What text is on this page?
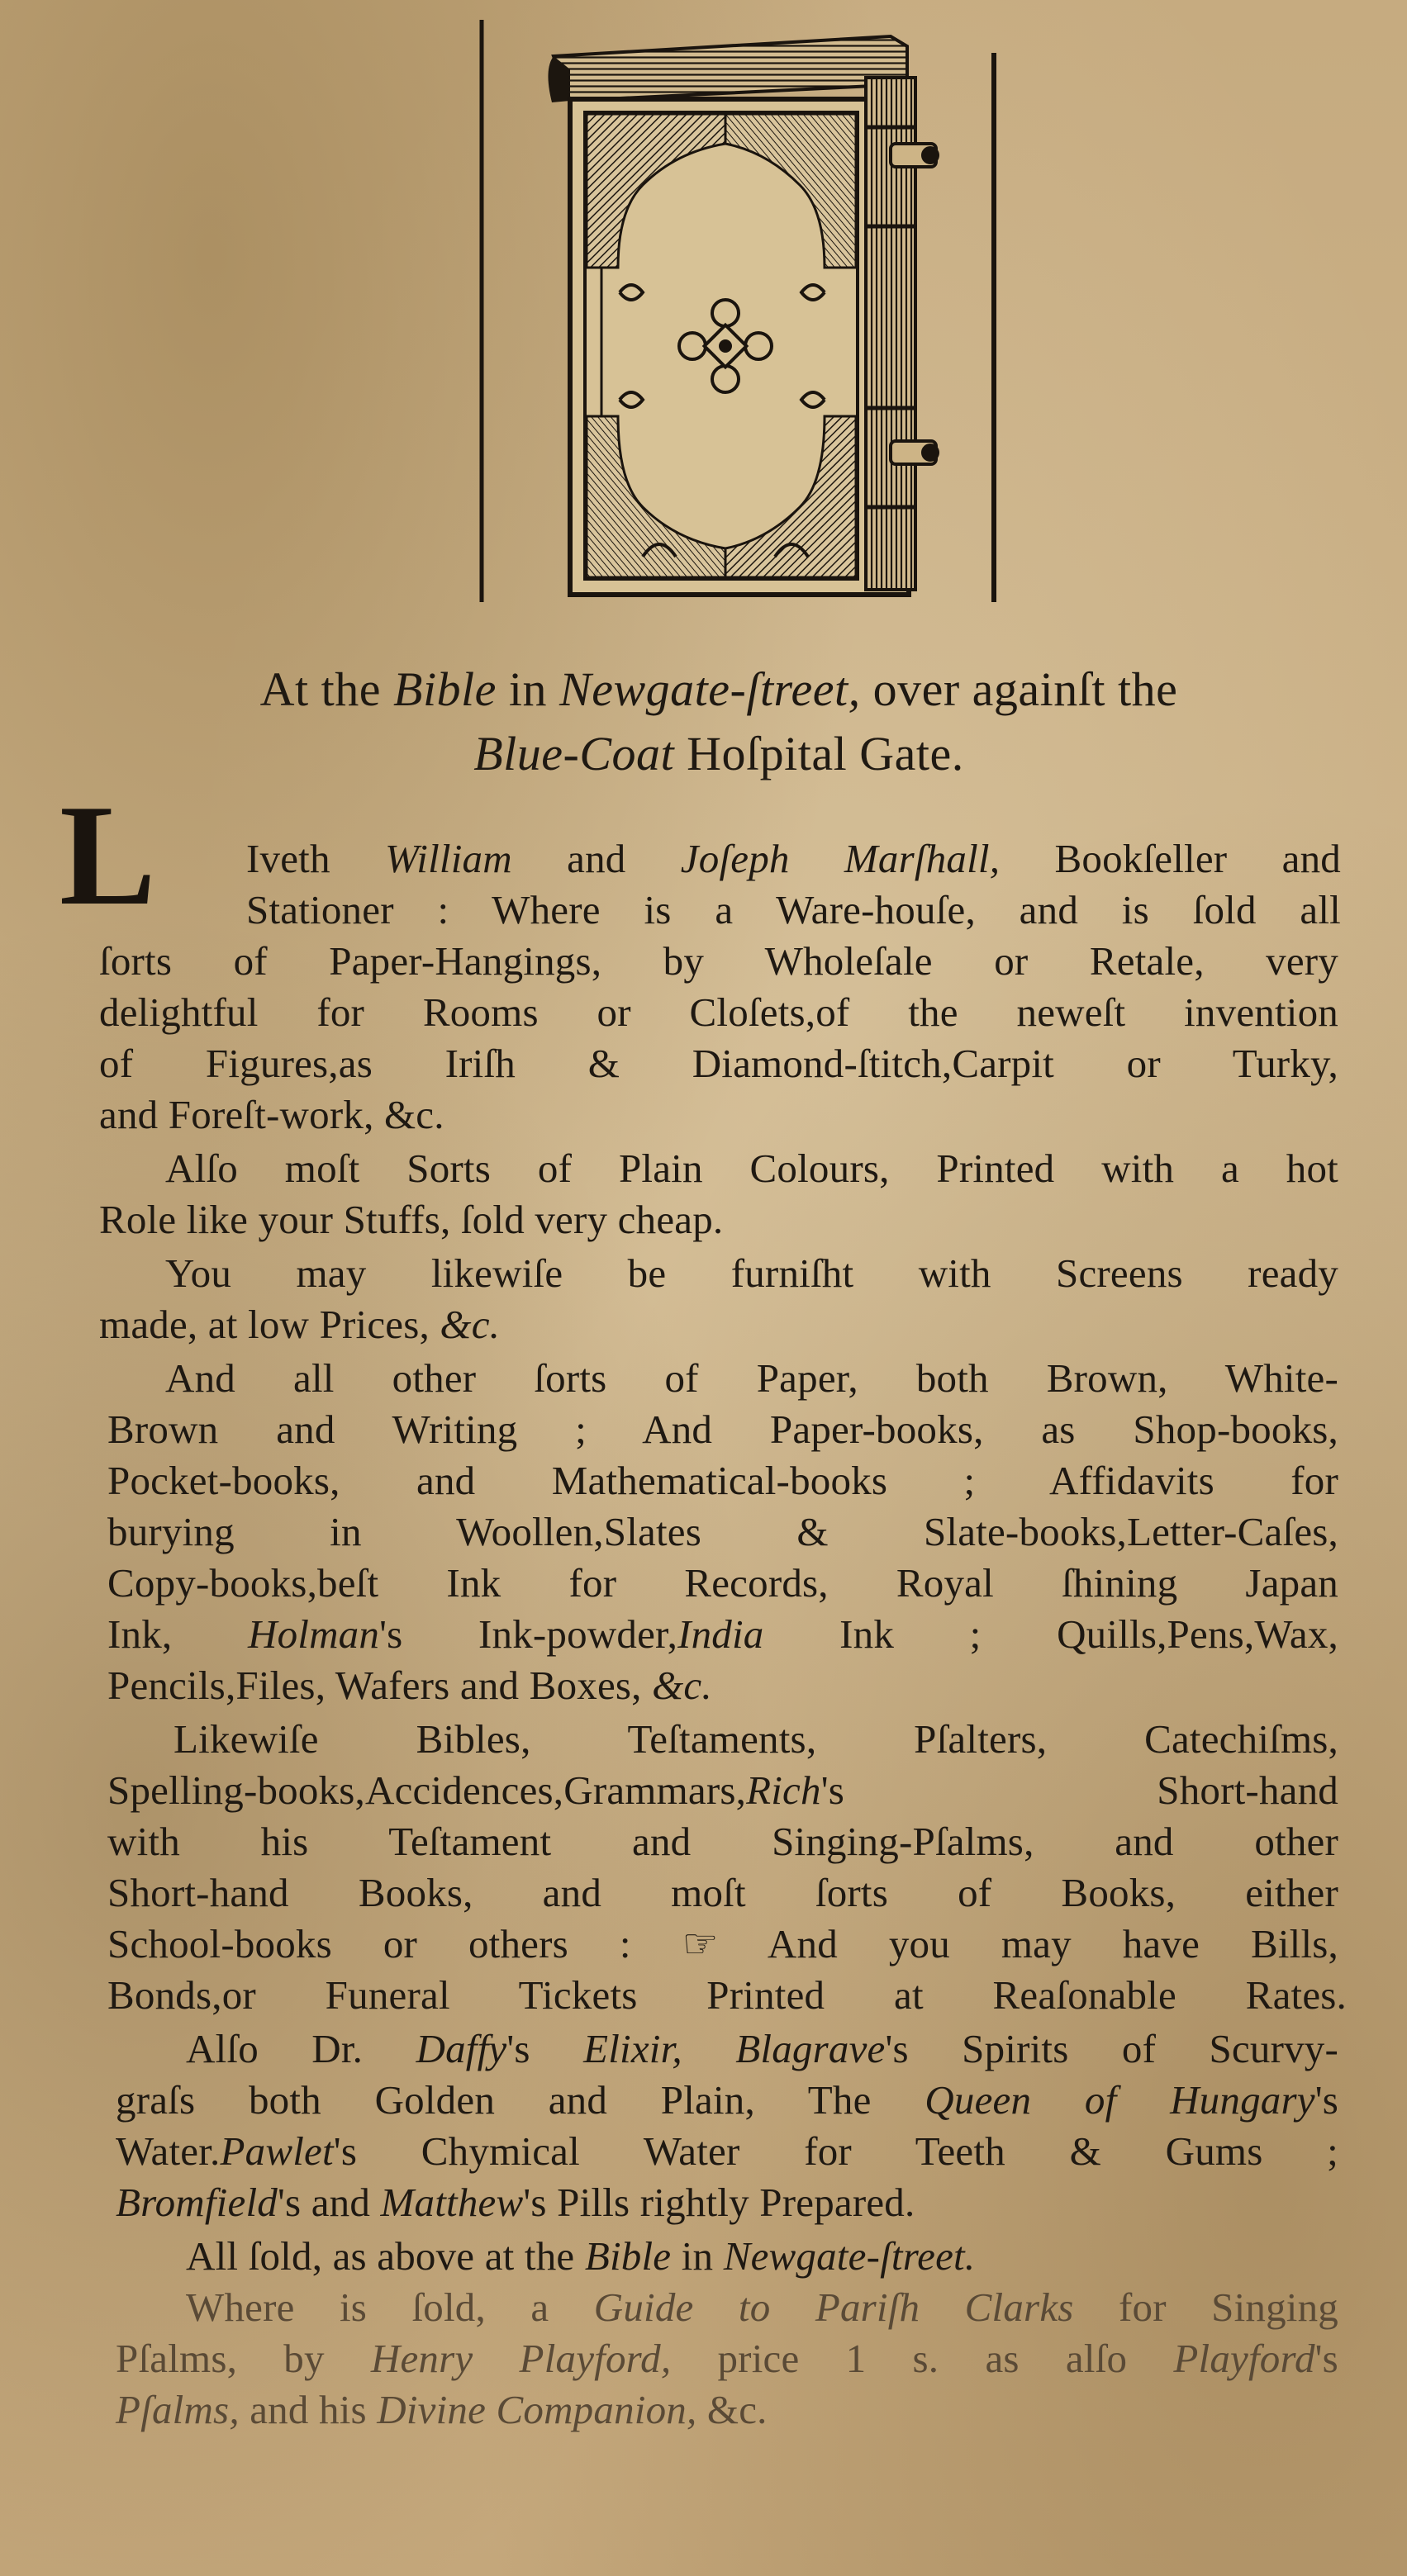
At the Bible in Newgate-ſtreet, over againſt the
Blue-Coat Hoſpital Gate.
L	Iveth William and Joſeph Marſhall, Bookſeller and
Stationer : Where is a Ware-houſe, and is ſold all
ſorts of Paper-Hangings, by Wholeſale or Retale, very
delightful for Rooms or Cloſets,of the neweſt invention
of Figures,as Iriſh & Diamond-ſtitch,Carpit or Turky,
and Foreſt-work, &c.
Alſo moſt Sorts of Plain Colours, Printed with a hot
Role like your Stuffs, ſold very cheap.
You may likewiſe be furniſht with Screens ready
made, at low Prices, &c.
And all other ſorts of Paper, both Brown, White-
Brown and Writing ; And Paper-books, as Shop-books,
Pocket-books, and Mathematical-books ; Affidavits for
burying in Woollen,Slates & Slate-books,Letter-Caſes,
Copy-books,beſt Ink for Records, Royal ſhining Japan
Ink, Holman's Ink-powder,India Ink ; Quills,Pens,Wax,
Pencils,Files, Wafers and Boxes, &c.
Likewiſe Bibles, Teſtaments, Pſalters, Catechiſms,
Spelling-books,Accidences,Grammars,Rich's Short-hand
with his Teſtament and Singing-Pſalms, and other
Short-hand Books, and moſt ſorts of Books, either
School-books or others : ☞ And you may have Bills,
Bonds,or Funeral Tickets Printed at Reaſonable Rates.
Alſo Dr. Daffy's Elixir, Blagrave's Spirits of Scurvy-
graſs both Golden and Plain, The Queen of Hungary's
Water.Pawlet's Chymical Water for Teeth & Gums ;
Bromfield's and Matthew's Pills rightly Prepared.
All ſold, as above at the Bible in Newgate-ſtreet.
Where is ſold, a Guide to Pariſh Clarks for Singing
Pſalms, by Henry Playford, price 1 s. as alſo Playford's
Pſalms, and his Divine Companion, &c.
